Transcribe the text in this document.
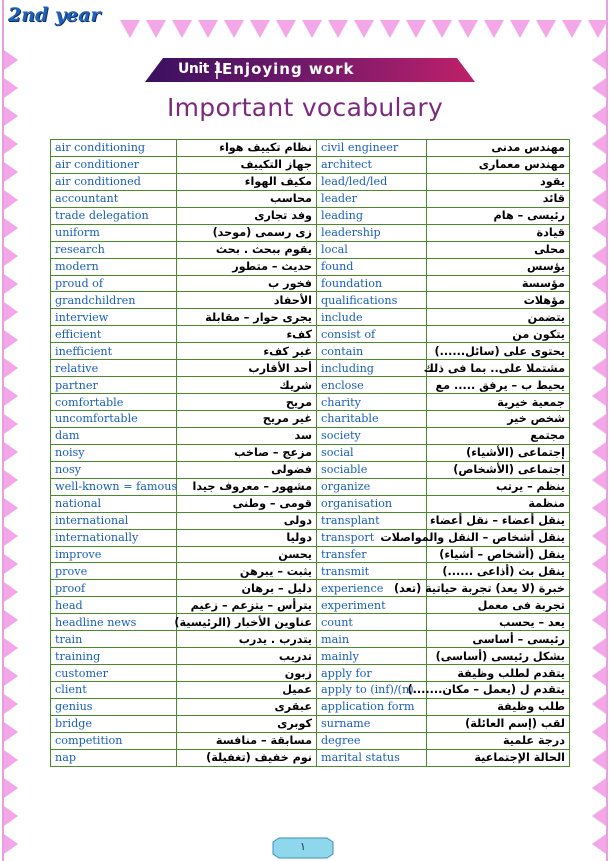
2nd year
Unit 1 Enjoying work
Important vocabulary
air conditioning	نظام تكييف هواء	civil engineer	مهندس مدنى
air conditioner	جهاز التكييف	architect	مهندس معمارى
air conditioned	مكيف الهواء	lead/led/led	يقود
accountant	محاسب	leader	قائد
trade delegation	وفد تجارى	leading	رئيسى – هام
uniform	زى رسمى (موحد)	leadership	قيادة
research	يقوم ببحث . بحث	local	محلى
modern	حديث – متطور	found	يؤسس
proud of	فخور ب	foundation	مؤسسة
grandchildren	الأحفاد	qualifications	مؤهلات
interview	يجرى حوار – مقابلة	include	يتضمن
efficient	كفء	consist of	يتكون من
inefficient	غير كفء	contain	يحتوى على (سائل......)
relative	أحد الأقارب	including	مشتملا على.. بما فى ذلك
partner	شريك	enclose	يحيط ب – يرفق ..... مع
comfortable	مريح	charity	جمعية خيرية
uncomfortable	غير مريح	charitable	شخص خير
dam	سد	society	مجتمع
noisy	مزعج – صاخب	social	إجتماعى (الأشياء)
nosy	فضولى	sociable	إجتماعى (الأشخاص)
well-known = famous	مشهور – معروف جيدا	organize	ينظم – يرتب
national	قومى – وطنى	organisation	منظمة
international	دولى	transplant	ينقل أعضاء – نقل أعضاء
internationally	دوليا	transport	ينقل أشخاص – النقل والمواصلات
improve	يحسن	transfer	ينقل (أشخاص – أشياء)
prove	يثبت – يبرهن	transmit	ينقل بث (أذاعى ......)
proof	دليل – برهان	experience	خبرة (لا يعد) تجربة حياتية (تعد)
head	يترأس – يتزعم – زعيم	experiment	تجربة فى معمل
headline news	عناوين الأخبار (الرئيسية)	count	يعد – يحسب
train	يتدرب . يدرب	main	رئيسى – أساسى
training	تدريب	mainly	بشكل رئيسى (أساسى)
customer	زبون	apply for	يتقدم لطلب وظيفة
client	عميل	apply to (inf)/(n)	يتقدم ل (يعمل – مكان.......)
genius	عبقرى	application form	طلب وظيفة
bridge	كوبرى	surname	لقب (إسم العائلة)
competition	مسابقة – منافسة	degree	درجة علمية
nap	نوم خفيف (تغفيلة)	marital status	الحالة الإجتماعية
١
